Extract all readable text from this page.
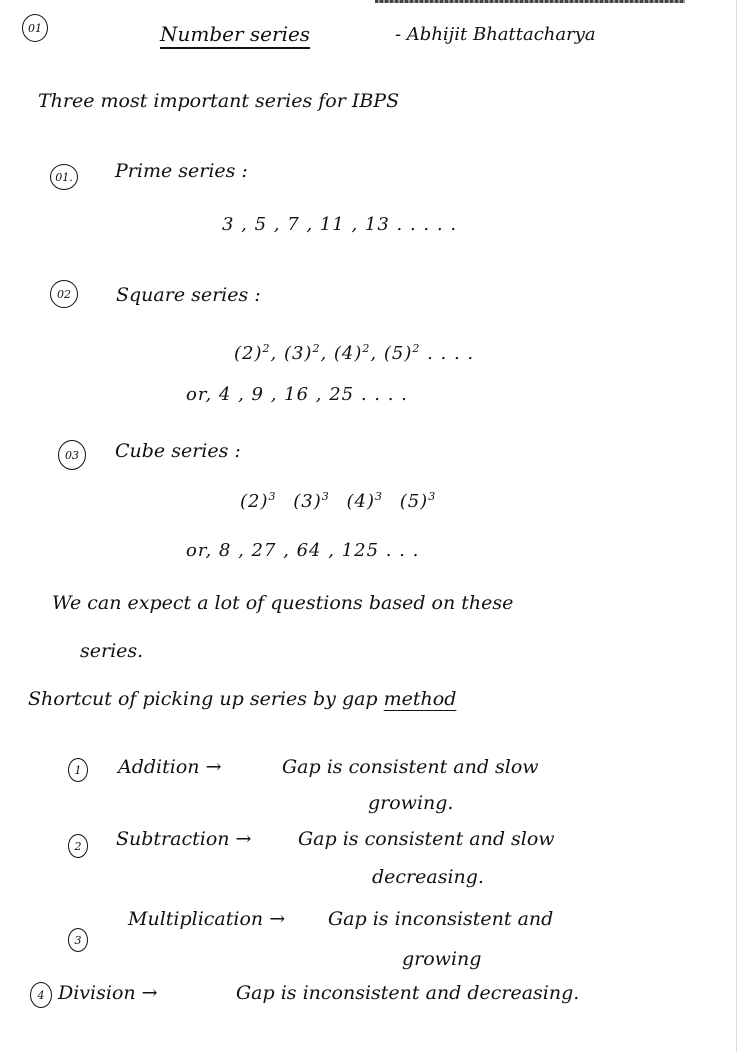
01	Number series	- Abhijit Bhattacharya
Three most important series for IBPS
01. Prime series :
3 , 5 , 7 , 11 , 13 . . . . .
02 Square series :
$(2)^2$, $(3)^2$, $(4)^2$, $(5)^2$ . . . .
or, 4 , 9 , 16 , 25 . . . .
03 Cube series :
$(2)^3$ $(3)^3$ $(4)^3$ $(5)^3$
or, 8 , 27 , 64 , 125 . . .
We can expect a lot of questions based on these
series.
Shortcut of picking up series by gap method
1 Addition →	Gap is consistent and slow
growing.
2 Subtraction → Gap is consistent and slow
decreasing.
3
Multiplication → Gap is inconsistent and
growing
4 Division →	Gap is inconsistent and decreasing.
